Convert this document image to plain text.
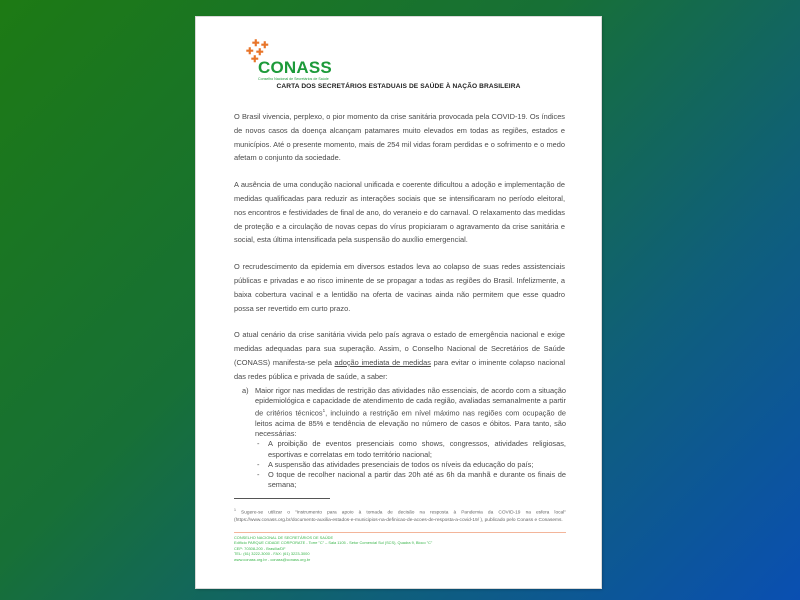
✚ ✚
✚ ✚
✚ CONASS
Conselho Nacional de Secretários de Saúde
CARTA DOS SECRETÁRIOS ESTADUAIS DE SAÚDE À NAÇÃO BRASILEIRA

O Brasil vivencia, perplexo, o pior momento da crise sanitária provocada pela COVID-19. Os índices de novos casos da doença alcançam patamares muito elevados em todas as regiões, estados e municípios. Até o presente momento, mais de 254 mil vidas foram perdidas e o sofrimento e o medo afetam o conjunto da sociedade.

A ausência de uma condução nacional unificada e coerente dificultou a adoção e implementação de medidas qualificadas para reduzir as interações sociais que se intensificaram no período eleitoral, nos encontros e festividades de final de ano, do veraneio e do carnaval. O relaxamento das medidas de proteção e a circulação de novas cepas do vírus propiciaram o agravamento da crise sanitária e social, esta última intensificada pela suspensão do auxílio emergencial.

O recrudescimento da epidemia em diversos estados leva ao colapso de suas redes assistenciais públicas e privadas e ao risco iminente de se propagar a todas as regiões do Brasil. Infelizmente, a baixa cobertura vacinal e a lentidão na oferta de vacinas ainda não permitem que esse quadro possa ser revertido em curto prazo.

O atual cenário da crise sanitária vivida pelo país agrava o estado de emergência nacional e exige medidas adequadas para sua superação. Assim, o Conselho Nacional de Secretários de Saúde (CONASS) manifesta-se pela adoção imediata de medidas para evitar o iminente colapso nacional das redes pública e privada de saúde, a saber:

a) Maior rigor nas medidas de restrição das atividades não essenciais, de acordo com a situação epidemiológica e capacidade de atendimento de cada região, avaliadas semanalmente a partir de critérios técnicos$^1$, incluindo a restrição em nível máximo nas regiões com ocupação de leitos acima de 85% e tendência de elevação no número de casos e óbitos. Para tanto, são necessárias:
- A proibição de eventos presenciais como shows, congressos, atividades religiosas, esportivas e correlatas em todo território nacional;
- A suspensão das atividades presenciais de todos os níveis da educação do país;
- O toque de recolher nacional a partir das 20h até as 6h da manhã e durante os finais de semana;
$^1$ Sugere-se utilizar o "Instrumento para apoio à tomada de decisão na resposta à Pandemia da COVID-19 na esfera local" (https://www.conass.org.br/documento-auxilia-estados-e-municipios-na-definicao-de-acoes-de-resposta-a-covid-19/ ), publicado pelo Conass e Conasems.
CONSELHO NACIONAL DE SECRETÁRIOS DE SAÚDE
Edifício PARQUE CIDADE CORPORATE - Torre "C" – Sala 1105 - Setor Comercial Sul (SCS), Quadra 9, Bloco "C"
CEP: 70308-200 - Brasília/DF
TEL: (61) 3222-3000 - FAX: (61) 3223-3000
www.conass.org.br - conass@conass.org.br
